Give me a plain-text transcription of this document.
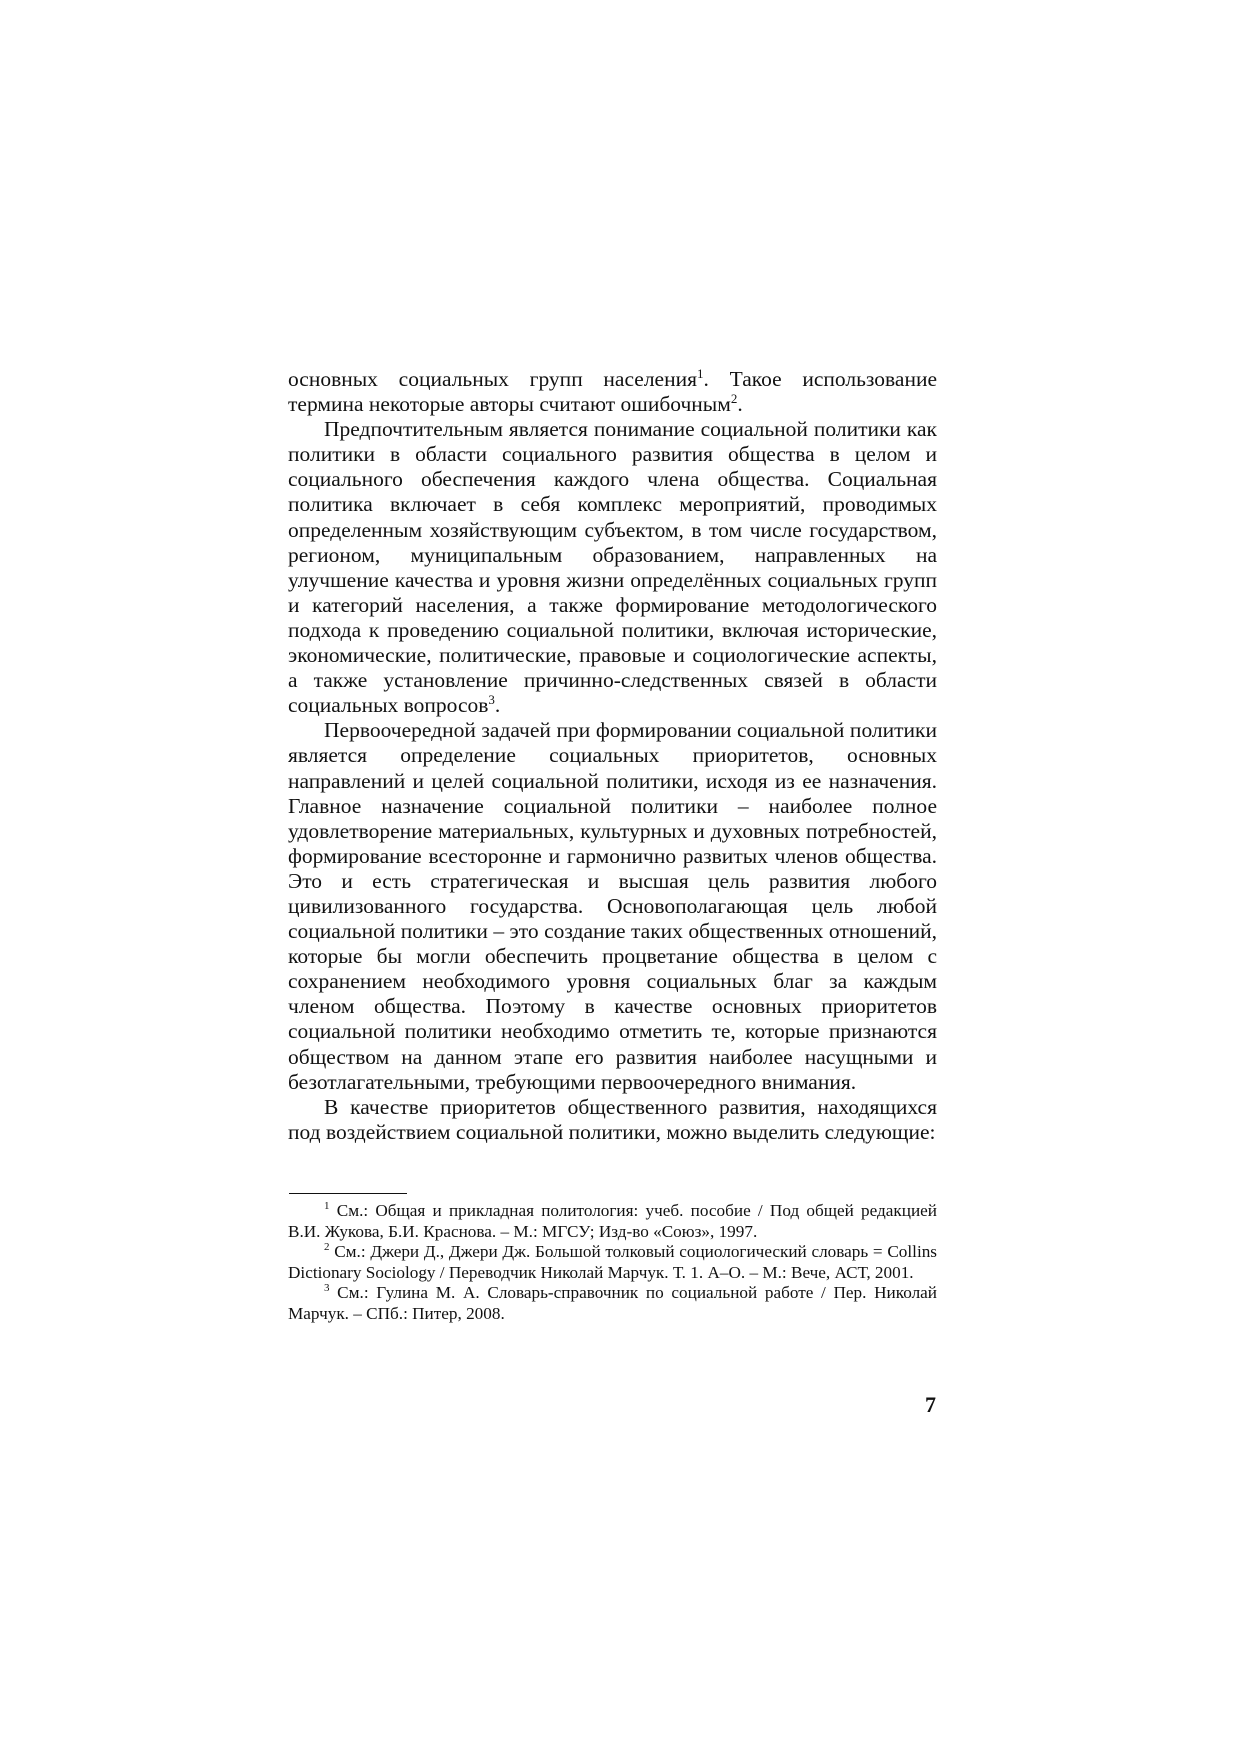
основных социальных групп населения$^1$. Такое использование термина некоторые авторы считают ошибочным$^2$.

Предпочтительным является понимание социальной политики как политики в области социального развития общества в целом и социального обеспечения каждого члена общества. Социальная политика включает в себя комплекс мероприятий, проводимых определенным хозяйствующим субъектом, в том числе государством, регионом, муниципальным образованием, направленных на улучшение качества и уровня жизни определённых социальных групп и категорий населения, а также формирование методологического подхода к проведению социальной политики, включая исторические, экономические, политические, правовые и социологические аспекты, а также установление причинно-следственных связей в области социальных вопросов$^3$.

Первоочередной задачей при формировании социальной политики является определение социальных приоритетов, основных направлений и целей социальной политики, исходя из ее назначения. Главное назначение социальной политики – наиболее полное удовлетворение материальных, культурных и духовных потребностей, формирование всесторонне и гармонично развитых членов общества. Это и есть стратегическая и высшая цель развития любого цивилизованного государства. Основополагающая цель любой социальной политики – это создание таких общественных отношений, которые бы могли обеспечить процветание общества в целом с сохранением необходимого уровня социальных благ за каждым членом общества. Поэтому в качестве основных приоритетов социальной политики необходимо отметить те, которые признаются обществом на данном этапе его развития наиболее насущными и безотлагательными, требующими первоочередного внимания.

В качестве приоритетов общественного развития, находящихся под воздействием социальной политики, можно выделить следующие:

$^1$ См.: Общая и прикладная политология: учеб. пособие / Под общей редакцией В.И. Жукова, Б.И. Краснова. – М.: МГСУ; Изд-во «Союз», 1997.

$^2$ См.: Джери Д., Джери Дж. Большой толковый социологический словарь = Collins Dictionary Sociology / Переводчик Николай Марчук. Т. 1. А–О. – М.: Вече, АСТ, 2001.

$^3$ См.: Гулина М. А. Словарь-справочник по социальной работе / Пер. Николай Марчук. – СПб.: Питер, 2008.

7
